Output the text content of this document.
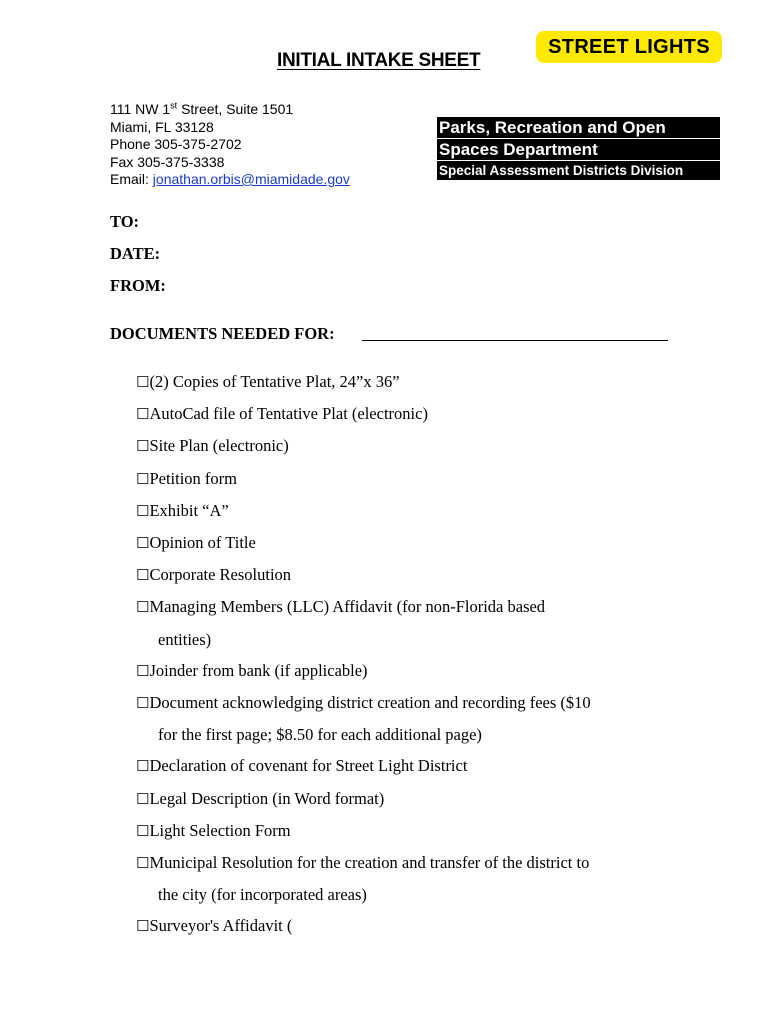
STREET LIGHTS
INITIAL INTAKE SHEET
111 NW 1st Street, Suite 1501
Miami, FL 33128
Phone 305-375-2702
Fax 305-375-3338
Email: jonathan.orbis@miamidade.gov
Parks, Recreation and Open
Spaces Department
Special Assessment Districts Division
TO:
DATE:
FROM:
DOCUMENTS NEEDED FOR:
☐(2) Copies of Tentative Plat, 24”x 36”
☐AutoCad file of Tentative Plat (electronic)
☐Site Plan (electronic)
☐Petition form
☐Exhibit “A”
☐Opinion of Title
☐Corporate Resolution
☐Managing Members (LLC) Affidavit (for non-Florida based
entities)
☐Joinder from bank (if applicable)
☐Document acknowledging district creation and recording fees ($10
for the first page; $8.50 for each additional page)
☐Declaration of covenant for Street Light District
☐Legal Description (in Word format)
☐Light Selection Form
☐Municipal Resolution for the creation and transfer of the district to
the city (for incorporated areas)
☐Surveyor's Affidavit (
